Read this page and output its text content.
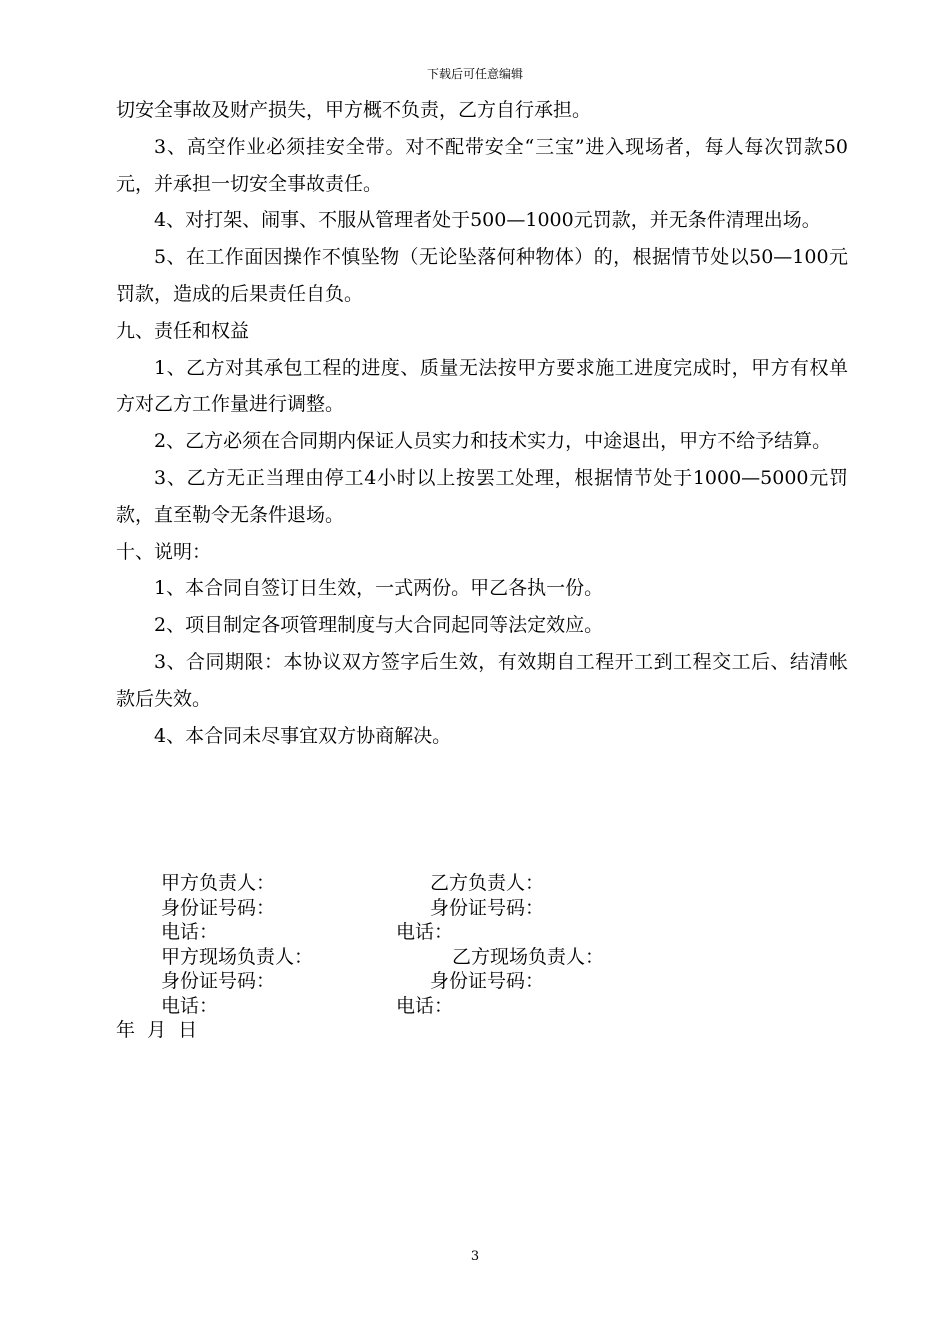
下载后可任意编辑

切安全事故及财产损失，甲方概不负责，乙方自行承担。

3、高空作业必须挂安全带。对不配带安全“三宝”进入现场者，每人每次罚款50元，并承担一切安全事故责任。

4、对打架、闹事、不服从管理者处于500—1000元罚款，并无条件清理出场。

5、在工作面因操作不慎坠物（无论坠落何种物体）的，根据情节处以50—100元罚款，造成的后果责任自负。

九、责任和权益

1、乙方对其承包工程的进度、质量无法按甲方要求施工进度完成时，甲方有权单方对乙方工作量进行调整。

2、乙方必须在合同期内保证人员实力和技术实力，中途退出，甲方不给予结算。

3、乙方无正当理由停工4小时以上按罢工处理，根据情节处于1000—5000元罚款，直至勒令无条件退场。

十、说明：

1、本合同自签订日生效，一式两份。甲乙各执一份。

2、项目制定各项管理制度与大合同起同等法定效应。

3、合同期限：本协议双方签字后生效，有效期自工程开工到工程交工后、结清帐款后失效。

4、本合同未尽事宜双方协商解决。

甲方负责人：	乙方负责人：
身份证号码：	身份证号码：
电话：	电话：
甲方现场负责人：	乙方现场负责人：
身份证号码：	身份证号码：
电话：	电话：
年  月  日
3
